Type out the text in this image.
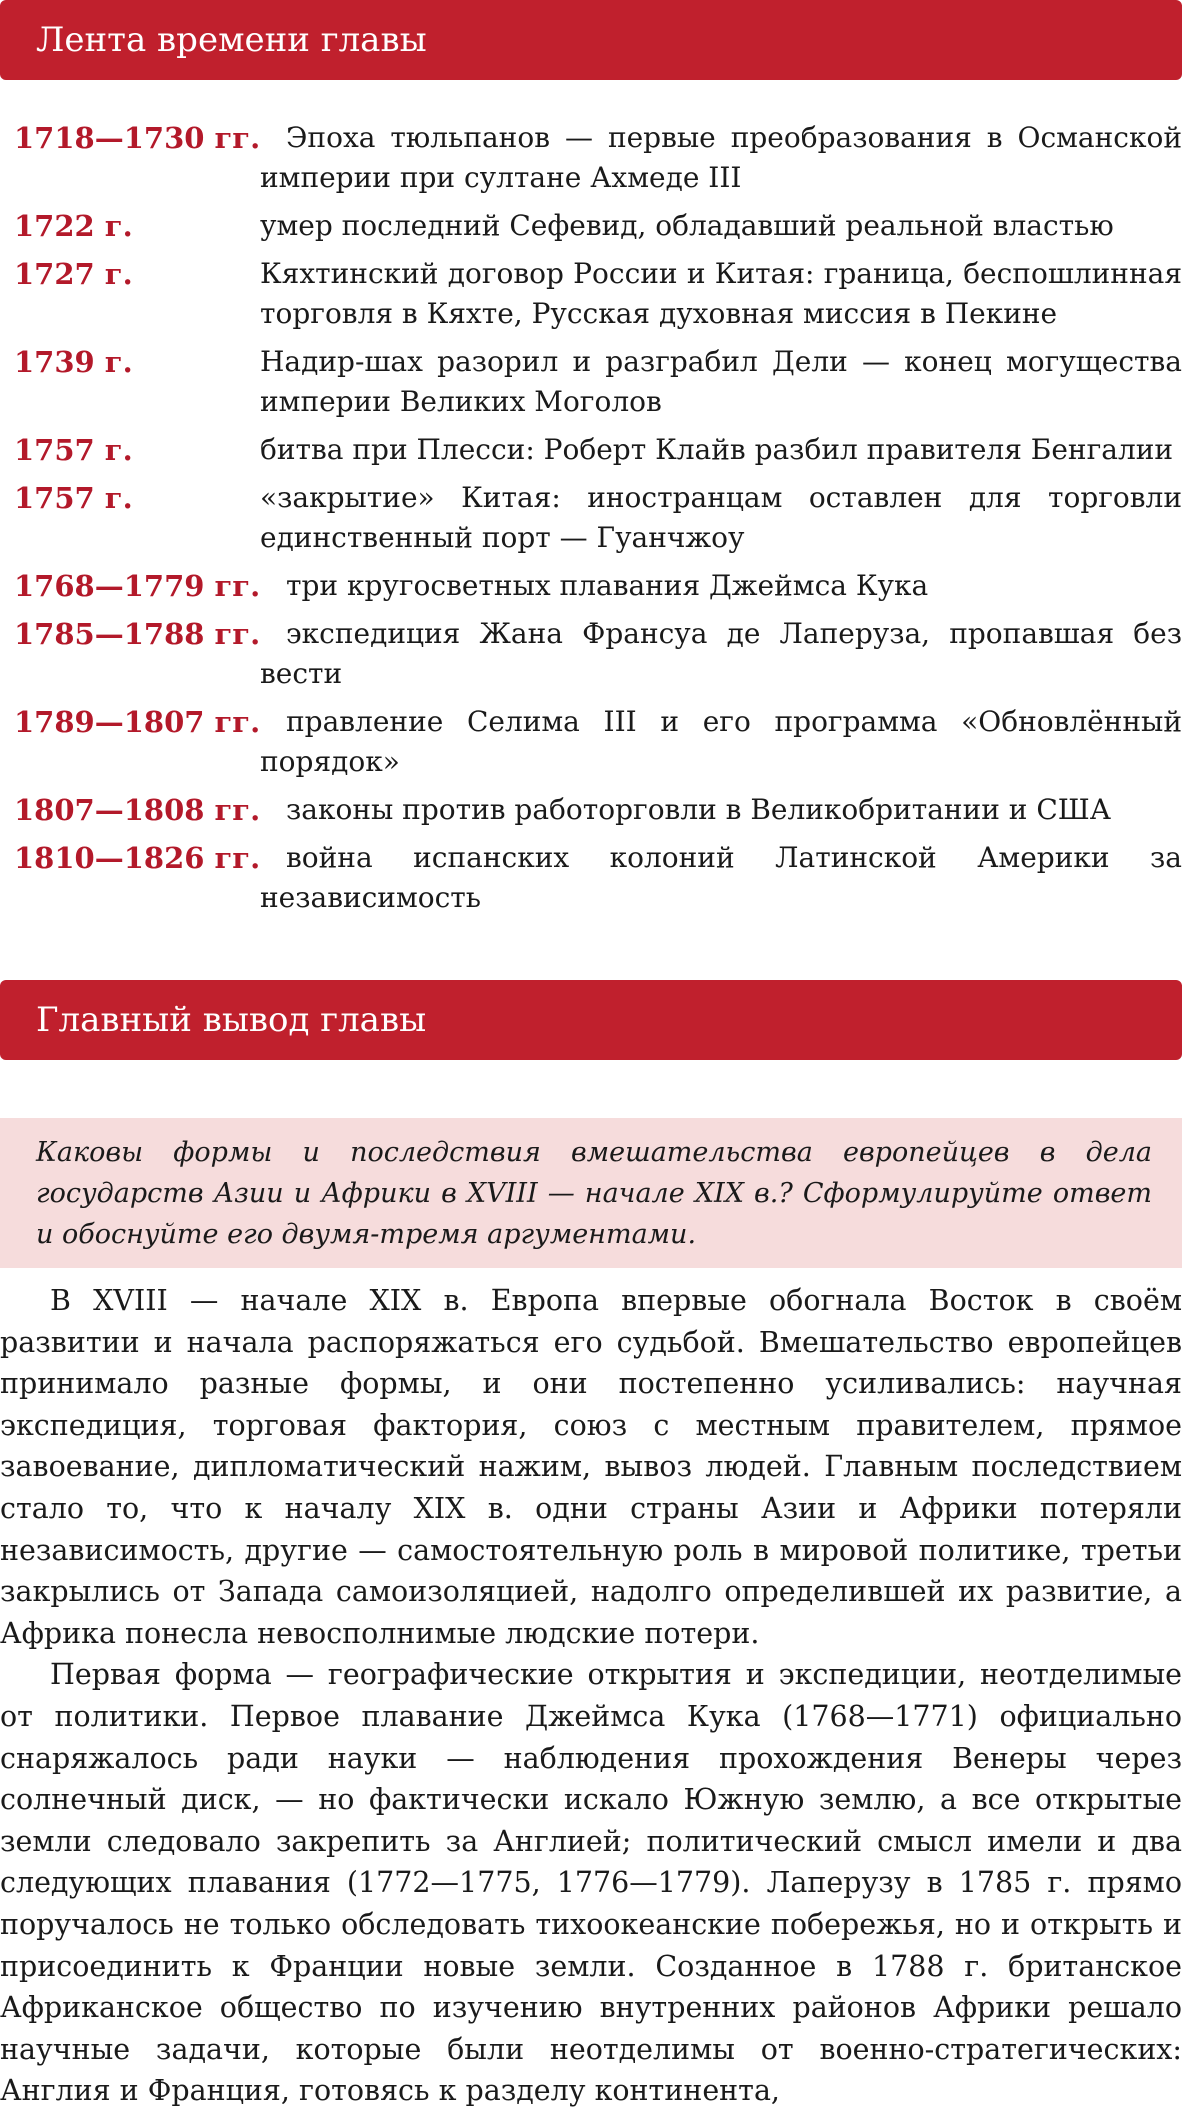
Лента времени главы
1718—1730 гг. Эпоха тюльпанов — первые преобразования в Османской империи при султане Ахмеде III
1722 г.	умер последний Сефевид, обладавший реальной властью
1727 г.	Кяхтинский договор России и Китая: граница, беспошлинная торговля в Кяхте, Русская духовная миссия в Пекине
1739 г.	Надир-шах разорил и разграбил Дели — конец могущества империи Великих Моголов
1757 г.	битва при Плесси: Роберт Клайв разбил правителя Бенгалии
1757 г.	«закрытие» Китая: иностранцам оставлен для торговли единственный порт — Гуанчжоу
1768—1779 гг. три кругосветных плавания Джеймса Кука
1785—1788 гг. экспедиция Жана Франсуа де Лаперуза, пропавшая без вести
1789—1807 гг. правление Селима III и его программа «Обновлённый порядок»
1807—1808 гг. законы против работорговли в Великобритании и США
1810—1826 гг. война испанских колоний Латинской Америки за независимость
Главный вывод главы
Каковы формы и последствия вмешательства европейцев в дела государств Азии и Африки в XVIII — начале XIX в.? Сформулируйте ответ и обоснуйте его двумя-тремя аргументами.

В XVIII — начале XIX в. Европа впервые обогнала Восток в своём развитии и начала распоряжаться его судьбой. Вмешательство европейцев принимало разные формы, и они постепенно усиливались: научная экспедиция, торговая фактория, союз с местным правителем, прямое завоевание, дипломатический нажим, вывоз людей. Главным последствием стало то, что к началу XIX в. одни страны Азии и Африки потеряли независимость, другие — самостоятельную роль в мировой политике, третьи закрылись от Запада самоизоляцией, надолго определившей их развитие, а Африка понесла невосполнимые людские потери.

Первая форма — географические открытия и экспедиции, неотделимые от политики. Первое плавание Джеймса Кука (1768—1771) официально снаряжалось ради науки — наблюдения прохождения Венеры через солнечный диск, — но фактически искало Южную землю, а все открытые земли следовало закрепить за Англией; политический смысл имели и два следующих плавания (1772—1775, 1776—1779). Лаперузу в 1785 г. прямо поручалось не только обследовать тихоокеанские побережья, но и открыть и присоединить к Франции новые земли. Созданное в 1788 г. британское Африканское общество по изучению внутренних районов Африки решало научные задачи, которые были неотделимы от военно-стратегических: Англия и Франция, готовясь к разделу континента,
